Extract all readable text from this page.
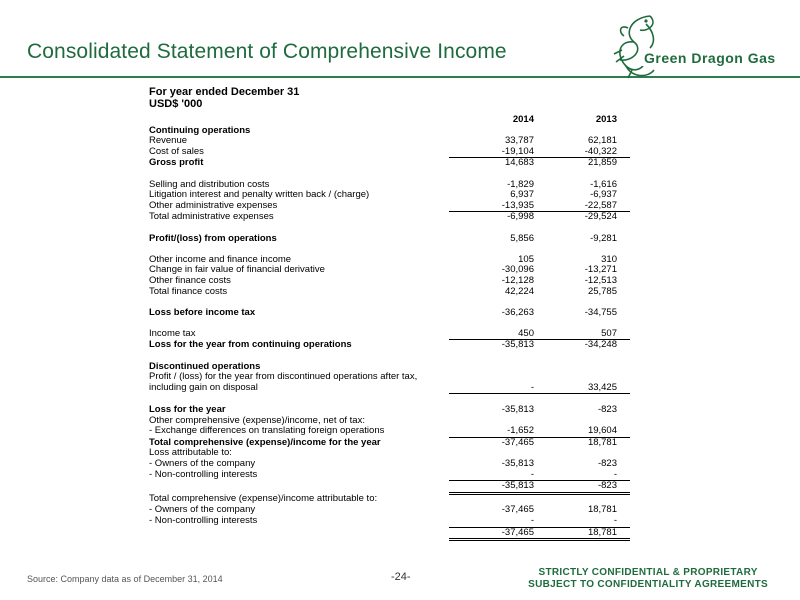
Consolidated Statement of Comprehensive Income	Green Dragon Gas
For year ended December 31
USD$ '000
	2014	2013
Continuing operations		
Revenue	33,787	62,181
Cost of sales	-19,104	-40,322
Gross profit	14,683	21,859

Selling and distribution costs	-1,829	-1,616
Litigation interest and penalty written back / (charge)	6,937	-6,937
Other administrative expenses	-13,935	-22,587
Total administrative expenses	-6,998	-29,524

Profit/(loss) from operations	5,856	-9,281

Other income and finance income	105	310
Change in fair value of financial derivative	-30,096	-13,271
Other finance costs	-12,128	-12,513
Total finance costs	42,224	25,785

Loss before income tax	-36,263	-34,755

Income tax	450	507
Loss for the year from continuing operations	-35,813	-34,248

Discontinued operations		
Profit / (loss) for the year from discontinued operations after tax,		
including gain on disposal	-	33,425

Loss for the year	-35,813	-823
Other comprehensive (expense)/income, net of tax:		
- Exchange differences on translating foreign operations	-1,652	19,604
Total comprehensive (expense)/income for the year	-37,465	18,781
Loss attributable to:		
- Owners of the company	-35,813	-823
- Non-controlling interests	-	-
	-35,813	-823
Total comprehensive (expense)/income attributable to:		
- Owners of the company	-37,465	18,781
- Non-controlling interests	-	-
	-37,465	18,781
Source: Company data as of December 31, 2014	-24-	STRICTLY CONFIDENTIAL & PROPRIETARY
SUBJECT TO CONFIDENTIALITY AGREEMENTS
